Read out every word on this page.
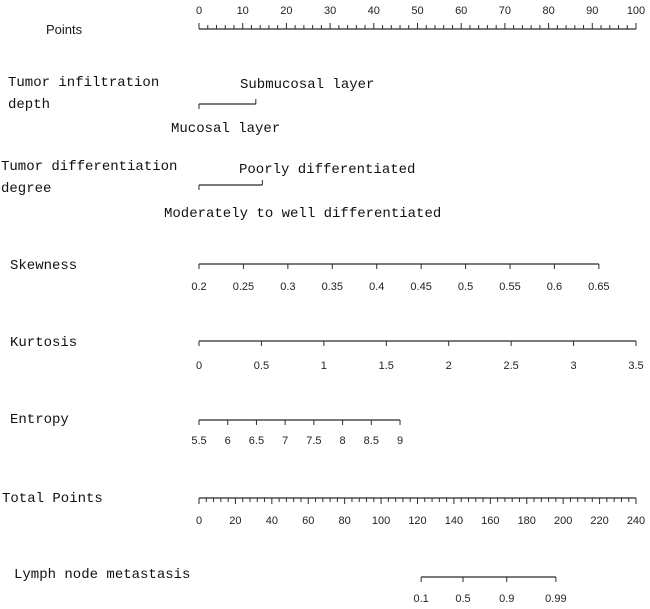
Points
0	10	20	30	40	50	60	70	80	90	100
Tumor infiltration
depth
Submucosal layer
Mucosal layer
Tumor differentiation
degree
Poorly differentiated
Moderately to well differentiated
Skewness
0.2 0.25 0.3 0.35 0.4 0.45 0.5 0.55 0.6 0.65
Kurtosis
0	0.5	1	1.5	2	2.5	3	3.5
Entropy
5.5 6 6.5 7 7.5 8 8.5 9
Total Points
0 20 40 60 80 100 120 140 160 180 200 220 240
Lymph node metastasis
0.1 0.5	0.9	0.99
